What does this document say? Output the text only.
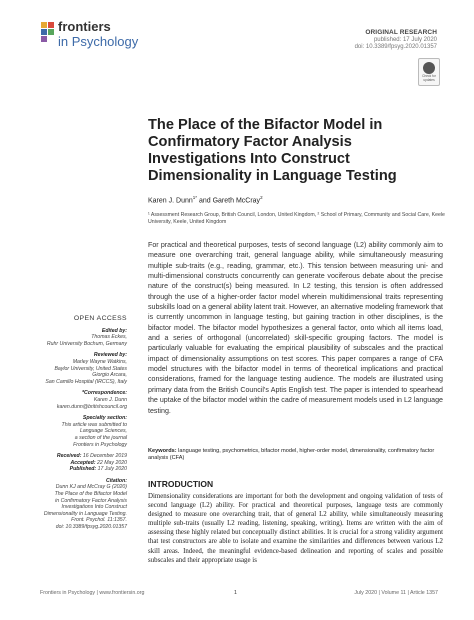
frontiers
in Psychology
ORIGINAL RESEARCH
published: 17 July 2020
doi: 10.3389/fpsyg.2020.01357
Check for updates
The Place of the Bifactor Model in Confirmatory Factor Analysis Investigations Into Construct Dimensionality in Language Testing
Karen J. Dunn$^{1*}$ and Gareth McCray$^2$
¹ Assessment Research Group, British Council, London, United Kingdom, ² School of Primary, Community and Social Care, Keele University, Keele, United Kingdom

For practical and theoretical purposes, tests of second language (L2) ability commonly aim to measure one overarching trait, general language ability, while simultaneously measuring multiple sub-traits (e.g., reading, grammar, etc.). This tension between measuring uni- and multi-dimensional constructs concurrently can generate vociferous debate about the precise nature of the construct(s) being measured. In L2 testing, this tension is often addressed through the use of a higher-order factor model wherein multidimensional traits representing subskills load on a general ability latent trait. However, an alternative modeling framework that is currently uncommon in language testing, but gaining traction in other disciplines, is the bifactor model. The bifactor model hypothesizes a general factor, onto which all items load, and a series of orthogonal (uncorrelated) skill-specific grouping factors. The model is particularly valuable for evaluating the empirical plausibility of subscales and the practical impact of dimensionality assumptions on test scores. This paper compares a range of CFA model structures with the bifactor model in terms of theoretical implications and practical considerations, framed for the language testing audience. The models are illustrated using primary data from the British Council's Aptis English test. The paper is intended to spearhead the uptake of the bifactor model within the cadre of measurement models used in L2 language testing.

Keywords: language testing, psychometrics, bifactor model, higher-order model, dimensionality, confirmatory factor analysis (CFA)
INTRODUCTION

Dimensionality considerations are important for both the development and ongoing validation of tests of second language (L2) ability. For practical and theoretical purposes, language tests are commonly designed to measure one overarching trait, that of general L2 ability, while simultaneously measuring multiple sub-traits (usually L2 reading, listening, speaking, writing). Items are written with the aim of assessing these highly related but conceptually distinct abilities. It is crucial for a strong validity argument that test constructors are able to isolate and examine the similarities and differences between various L2 skill areas. Indeed, the meaningful evidence-based delineation and reporting of scales and possible subscales and their appropriate usage is

OPEN ACCESS
Edited by:
Thomas Eckes,
Ruhr University Bochum, Germany
Reviewed by:
Marley Wayne Watkins,
Baylor University, United States
Giorgio Arcara,
San Camillo Hospital (IRCCS), Italy
*Correspondence:
Karen J. Dunn
karen.dunn@britishcouncil.org
Specialty section:
This article was submitted to
Language Sciences,
a section of the journal
Frontiers in Psychology
Received: 16 December 2019
Accepted: 22 May 2020
Published: 17 July 2020
Citation:
Dunn KJ and McCray G (2020)
The Place of the Bifactor Model
in Confirmatory Factor Analysis
Investigations Into Construct
Dimensionality in Language Testing.
Front. Psychol. 11:1357.
doi: 10.3389/fpsyg.2020.01357
Frontiers in Psychology | www.frontiersin.org	1	July 2020 | Volume 11 | Article 1357
